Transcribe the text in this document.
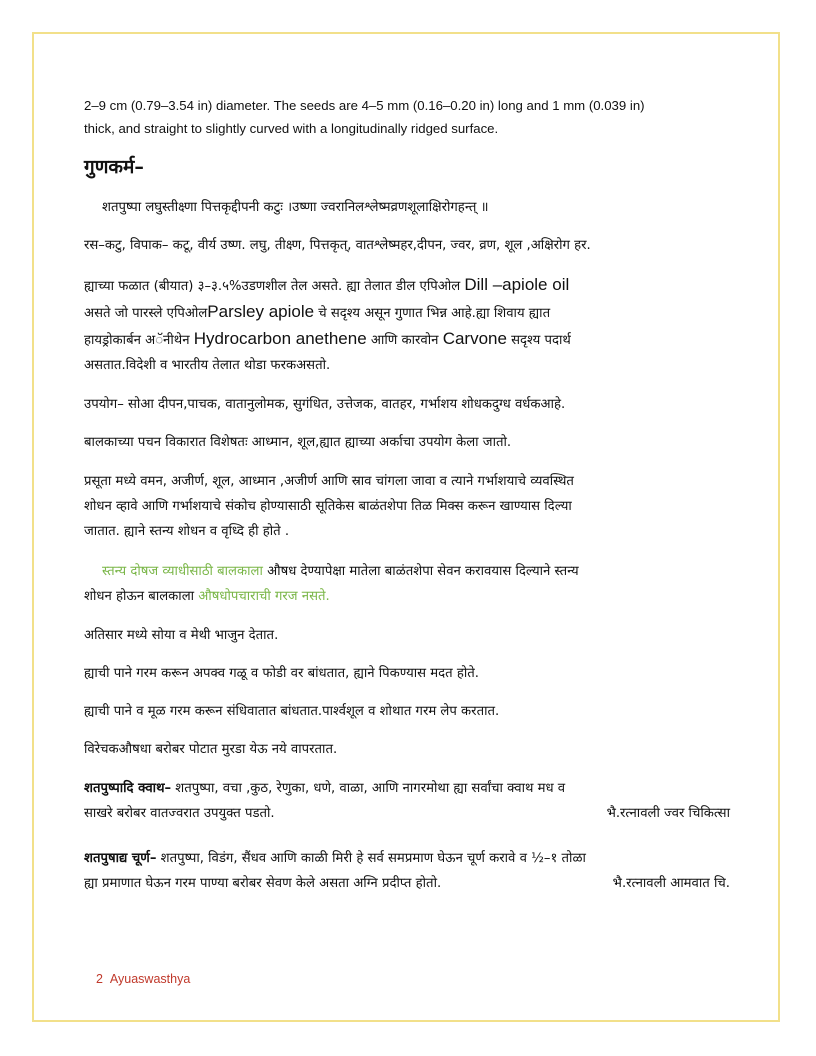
2–9 cm (0.79–3.54 in) diameter. The seeds are 4–5 mm (0.16–0.20 in) long and 1 mm (0.039 in)

thick, and straight to slightly curved with a longitudinally ridged surface.

गुणकर्म–

शतपुष्पा लघुस्तीक्ष्णा पित्तकृद्दीपनी कटुः ।उष्णा ज्वरानिलश्लेष्मव्रणशूलाक्षिरोगहन्त् ॥

रस–कटु, विपाक– कटू, वीर्य उष्ण. लघु, तीक्ष्ण, पित्तकृत्, वातश्लेष्महर,दीपन, ज्वर, व्रण, शूल ,अक्षिरोग हर.

ह्याच्या फळात (बीयात) ३–३.५%उडणशील तेल असते. ह्या तेलात डील एपिओल Dill –apiole oil
असते जो पारस्ले एपिओलParsley apiole चे सदृश्य असून गुणात भिन्न आहे.ह्या शिवाय ह्यात
हायड्रोकार्बन अॅनीथेन Hydrocarbon anethene आणि कारवोन Carvone सदृश्य पदार्थ
असतात.विदेशी व भारतीय तेलात थोडा फरकअसतो.

उपयोग– सोआ दीपन,पाचक, वातानुलोमक, सुगंधित, उत्तेजक, वातहर, गर्भाशय शोधकदुग्ध वर्धकआहे.

बालकाच्या पचन विकारात विशेषतः आध्मान, शूल,ह्यात ह्याच्या अर्काचा उपयोग केला जातो.

प्रसूता मध्ये वमन, अजीर्ण, शूल, आध्मान ,अजीर्ण आणि स्राव चांगला जावा व त्याने गर्भाशयाचे व्यवस्थित
शोधन व्हावे आणि गर्भाशयाचे संकोच होण्यासाठी सूतिकेस बाळंतशेपा तिळ मिक्स करून खाण्यास दिल्या
जातात. ह्याने स्तन्य शोधन व वृध्दि ही होते .

स्तन्य दोषज व्याधीसाठी बालकाला औषध देण्यापेक्षा मातेला बाळंतशेपा सेवन करावयास दिल्याने स्तन्य
शोधन होऊन बालकाला औषधोपचाराची गरज नसते.

अतिसार मध्ये सोया व मेथी भाजुन देतात.

ह्याची पाने गरम करून अपक्व गळू व फोडी वर बांधतात, ह्याने पिकण्यास मदत होते.

ह्याची पाने व मूळ गरम करून संधिवातात बांधतात.पार्श्वशूल व शोथात गरम लेप करतात.

विरेचकऔषधा बरोबर पोटात मुरडा येऊ नये वापरतात.

शतपुष्पादि क्वाथ– शतपुष्पा, वचा ,कुठ, रेणुका, धणे, वाळा, आणि नागरमोथा ह्या सर्वांचा क्वाथ मध व
साखरे बरोबर वातज्वरात उपयुक्त पडतो.	भै.रत्नावली ज्वर चिकित्सा

शतपुषाद्य चूर्ण– शतपुष्पा, विडंग, सैंधव आणि काळी मिरी हे सर्व समप्रमाण घेऊन चूर्ण करावे व ½–१ तोळा
ह्या प्रमाणात घेऊन गरम पाण्या बरोबर सेवण केले असता अग्नि प्रदीप्त होतो.	भै.रत्नावली आमवात चि.

2 Ayuaswasthya
